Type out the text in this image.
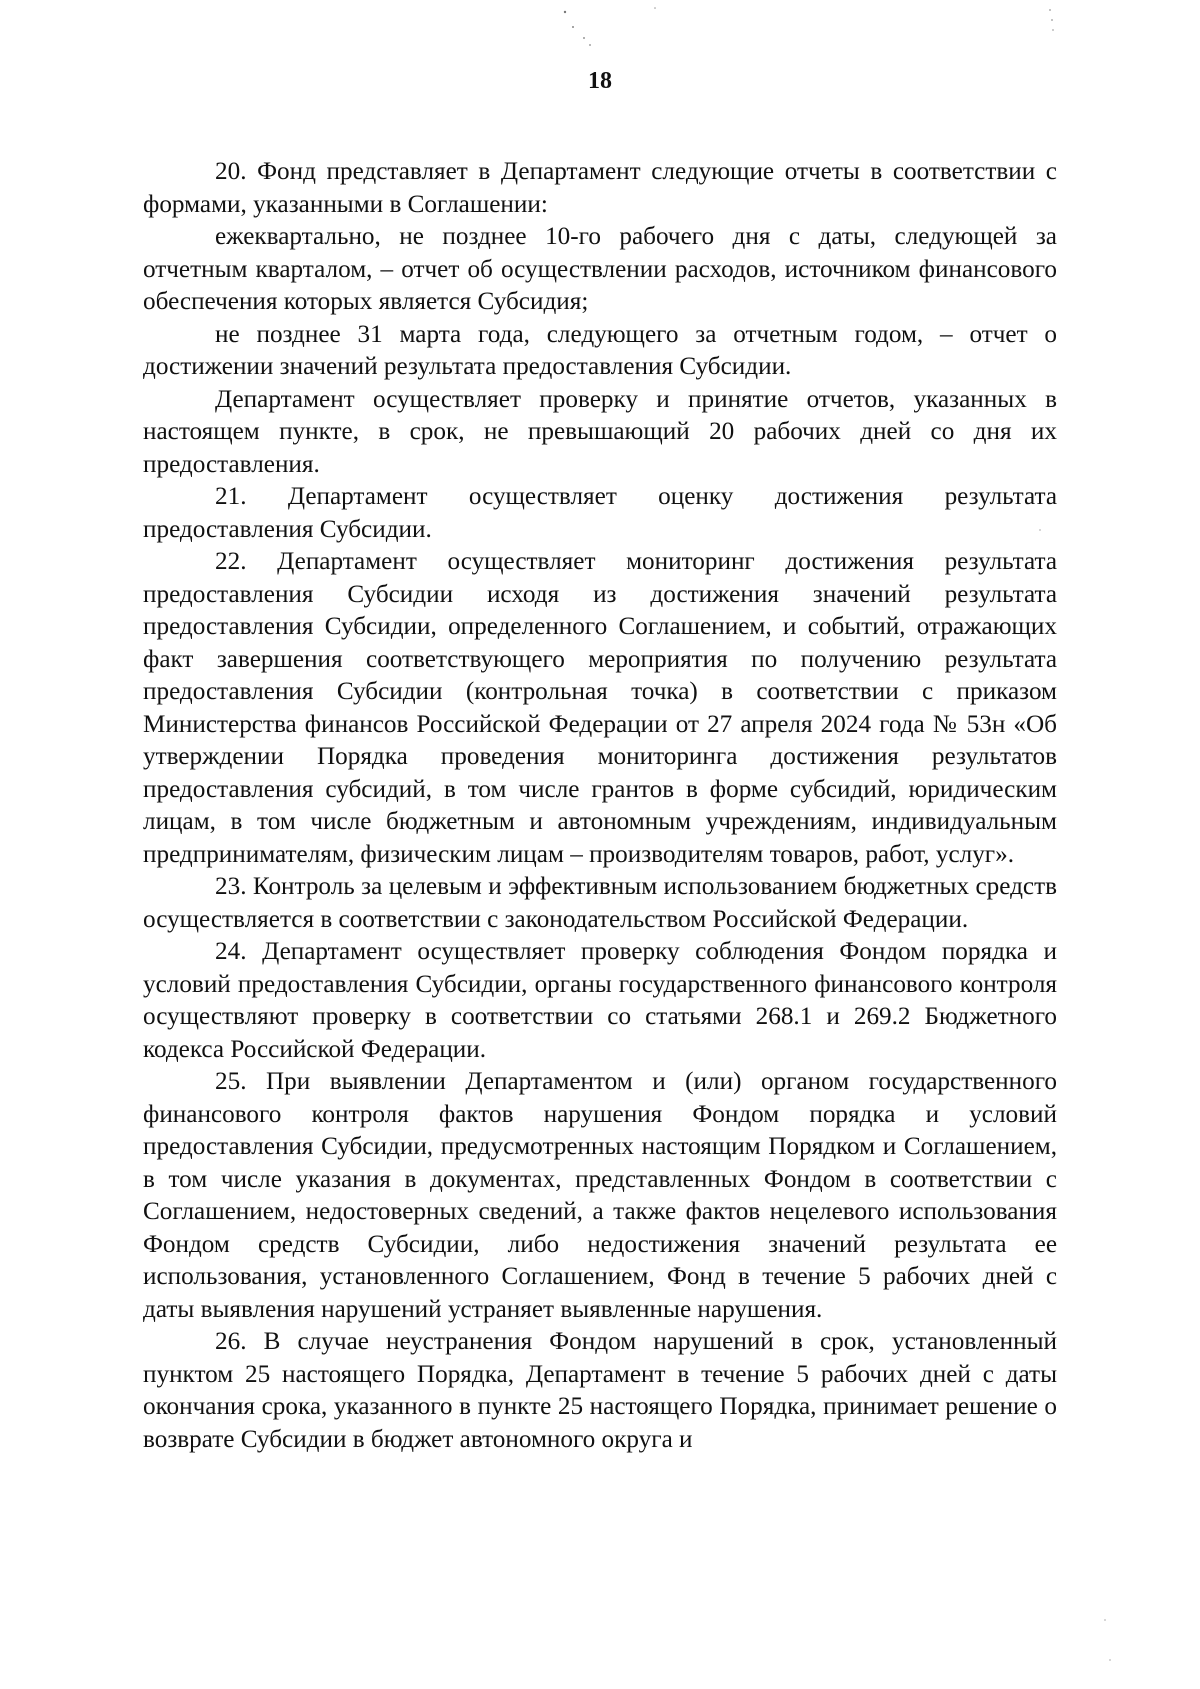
18

20. Фонд представляет в Департамент следующие отчеты в соответствии с формами, указанными в Соглашении:

ежеквартально, не позднее 10-го рабочего дня с даты, следующей за отчетным кварталом, – отчет об осуществлении расходов, источником финансового обеспечения которых является Субсидия;

не позднее 31 марта года, следующего за отчетным годом, – отчет о достижении значений результата предоставления Субсидии.

Департамент осуществляет проверку и принятие отчетов, указанных в настоящем пункте, в срок, не превышающий 20 рабочих дней со дня их предоставления.

21. Департамент осуществляет оценку достижения результата предоставления Субсидии.

22. Департамент осуществляет мониторинг достижения результата предоставления Субсидии исходя из достижения значений результата предоставления Субсидии, определенного Соглашением, и событий, отражающих факт завершения соответствующего мероприятия по получению результата предоставления Субсидии (контрольная точка) в соответствии с приказом Министерства финансов Российской Федерации от 27 апреля 2024 года № 53н «Об утверждении Порядка проведения мониторинга достижения результатов предоставления субсидий, в том числе грантов в форме субсидий, юридическим лицам, в том числе бюджетным и автономным учреждениям, индивидуальным предпринимателям, физическим лицам – производителям товаров, работ, услуг».

23. Контроль за целевым и эффективным использованием бюджетных средств осуществляется в соответствии с законодательством Российской Федерации.

24. Департамент осуществляет проверку соблюдения Фондом порядка и условий предоставления Субсидии, органы государственного финансового контроля осуществляют проверку в соответствии со статьями 268.1 и 269.2 Бюджетного кодекса Российской Федерации.

25. При выявлении Департаментом и (или) органом государственного финансового контроля фактов нарушения Фондом порядка и условий предоставления Субсидии, предусмотренных настоящим Порядком и Соглашением, в том числе указания в документах, представленных Фондом в соответствии с Соглашением, недостоверных сведений, а также фактов нецелевого использования Фондом средств Субсидии, либо недостижения значений результата ее использования, установленного Соглашением, Фонд в течение 5 рабочих дней с даты выявления нарушений устраняет выявленные нарушения.

26. В случае неустранения Фондом нарушений в срок, установленный пунктом 25 настоящего Порядка, Департамент в течение 5 рабочих дней с даты окончания срока, указанного в пункте 25 настоящего Порядка, принимает решение о возврате Субсидии в бюджет автономного округа и
